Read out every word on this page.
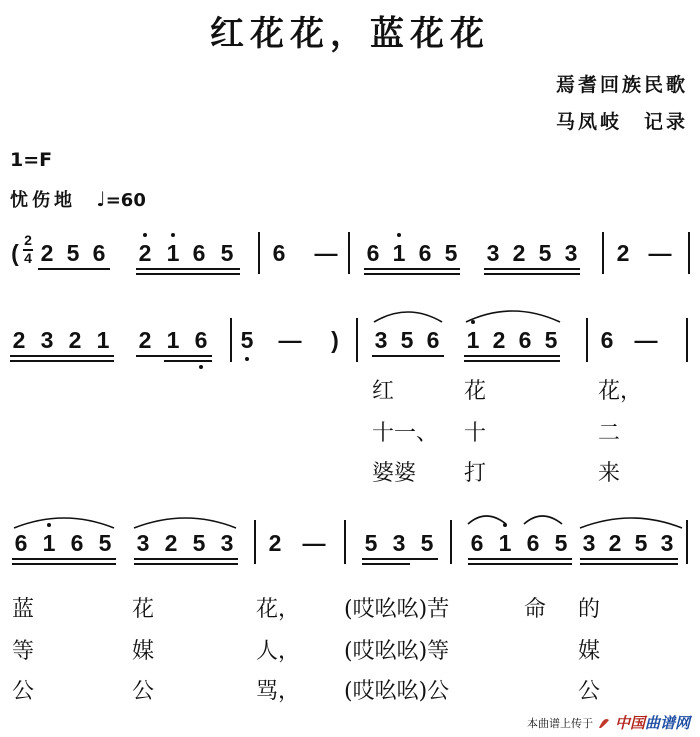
红花花，蓝花花
焉耆回族民歌
马凤岐　记录
1=F
忧伤地 ♩=60
( 2
4 2 5 6 2 1 6 5 6 — 6 1 6 5 3 2 5 3 2 —
2 3 2 1 2 1 6 5 — ) 3 5 6 1 2 6 5 6 —
红	花	花，
十一、 十	二
婆婆 打	来
6 1 6 5 3 2 5 3 2 — 5 3 5 6 1 6 5 3 2 5 3
蓝	花	花， (哎吆吆)苦	命 的
等	媒	人， (哎吆吆)等	媒
公	公	骂， (哎吆吆)公	公
本曲谱上传于 中国曲谱网
